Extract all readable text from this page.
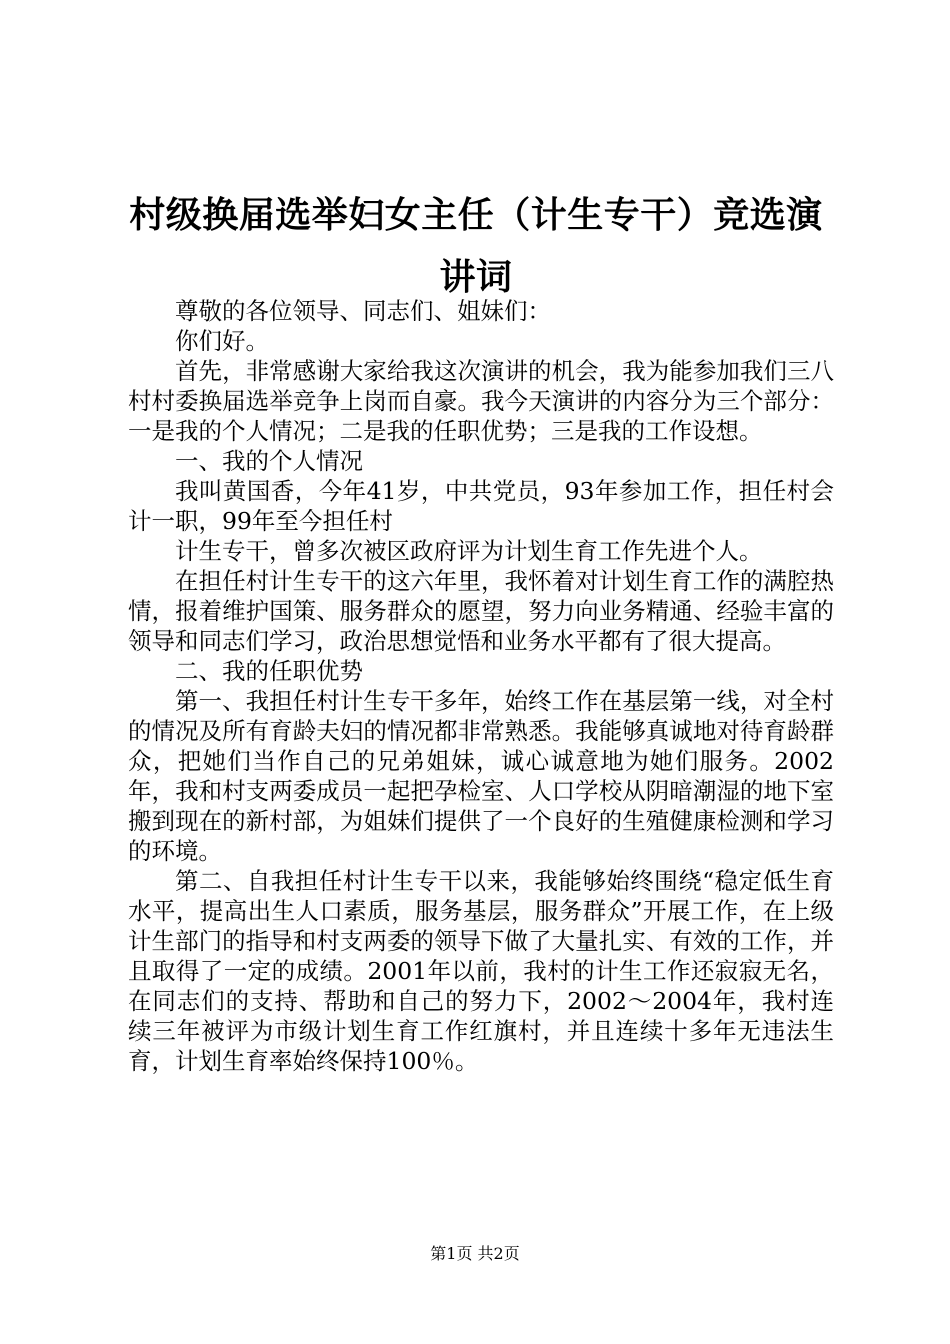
村级换届选举妇女主任（计生专干）竞选演讲词

尊敬的各位领导、同志们、姐妹们：

你们好。

首先，非常感谢大家给我这次演讲的机会，我为能参加我们三八村村委换届选举竞争上岗而自豪。我今天演讲的内容分为三个部分：一是我的个人情况；二是我的任职优势；三是我的工作设想。

一、我的个人情况

我叫黄国香，今年41岁，中共党员，93年参加工作，担任村会计一职，99年至今担任村

计生专干，曾多次被区政府评为计划生育工作先进个人。

在担任村计生专干的这六年里，我怀着对计划生育工作的满腔热情，报着维护国策、服务群众的愿望，努力向业务精通、经验丰富的领导和同志们学习，政治思想觉悟和业务水平都有了很大提高。

二、我的任职优势

第一、我担任村计生专干多年，始终工作在基层第一线，对全村的情况及所有育龄夫妇的情况都非常熟悉。我能够真诚地对待育龄群众，把她们当作自己的兄弟姐妹，诚心诚意地为她们服务。2002年，我和村支两委成员一起把孕检室、人口学校从阴暗潮湿的地下室搬到现在的新村部，为姐妹们提供了一个良好的生殖健康检测和学习的环境。

第二、自我担任村计生专干以来，我能够始终围绕“稳定低生育水平，提高出生人口素质，服务基层，服务群众”开展工作，在上级计生部门的指导和村支两委的领导下做了大量扎实、有效的工作，并且取得了一定的成绩。2001年以前，我村的计生工作还寂寂无名，在同志们的支持、帮助和自己的努力下，2002～2004年，我村连续三年被评为市级计划生育工作红旗村，并且连续十多年无违法生育，计划生育率始终保持100％。

第1页 共2页
